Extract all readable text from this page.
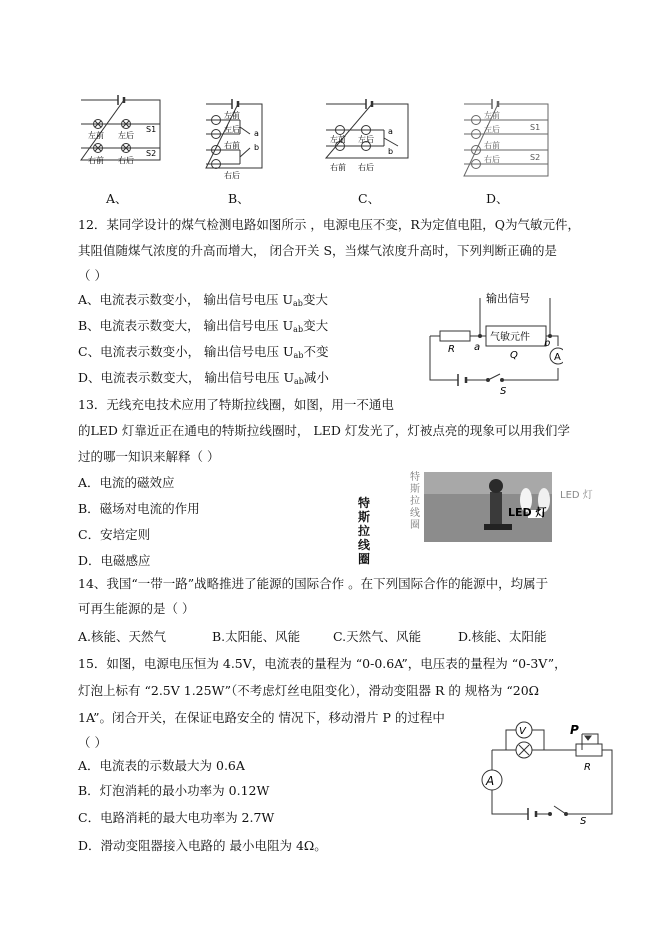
左前 左后
右前 右后
S1
S2
左前
左后
右前
右后
a
b
左前 左后
右前 右后
a
b
左前
左后
右前
右后
S1
S2
A、	B、	C、	D、
12．某同学设计的煤气检测电路如图所示 ，电源电压不变，R为定值电阻，Q为气敏元件，
其阻值随煤气浓度的升高而增大， 闭合开关 S，当煤气浓度升高时，下列判断正确的是
（ ）
A、电流表示数变小， 输出信号电压 $U_{ab}$变大
B、电流表示数变大， 输出信号电压 $U_{ab}$变大
C、电流表示数变小， 输出信号电压 $U_{ab}$不变
D、电流表示数变大， 输出信号电压 $U_{ab}$减小
输出信号
气敏元件
R a
Q
b
A
S
13．无线充电技术应用了特斯拉线圈，如图，用一不通电
的LED 灯靠近正在通电的特斯拉线圈时， LED 灯发光了，灯被点亮的现象可以用我们学
过的哪一知识来解释（ ）
A．电流的磁效应
B．磁场对电流的作用
C．安培定则
D．电磁感应
特斯拉线圈
LED 灯
LED 灯
特斯拉线圈
14、我国“一带一路”战略推进了能源的国际合作 。在下列国际合作的能源中，均属于
可再生能源的是（ ）
A.核能、天然气	B.太阳能、风能	C.天然气、风能	D.核能、太阳能
15．如图，电源电压恒为 4.5V，电流表的量程为 “0-0.6A”，电压表的量程为 “0-3V”，
灯泡上标有 “2.5V 1.25W”（不考虑灯丝电阻变化），滑动变阻器 R 的 规格为 “20Ω
1A”。闭合开关，在保证电路安全的 情况下，移动滑片 P 的过程中
（ ）
A．电流表的示数最大为 0.6A
B．灯泡消耗的最小功率为 0.12W
C．电路消耗的最大电功率为 2.7W
D．滑动变阻器接入电路的 最小电阻为 4Ω。
V	P
R
A
S
